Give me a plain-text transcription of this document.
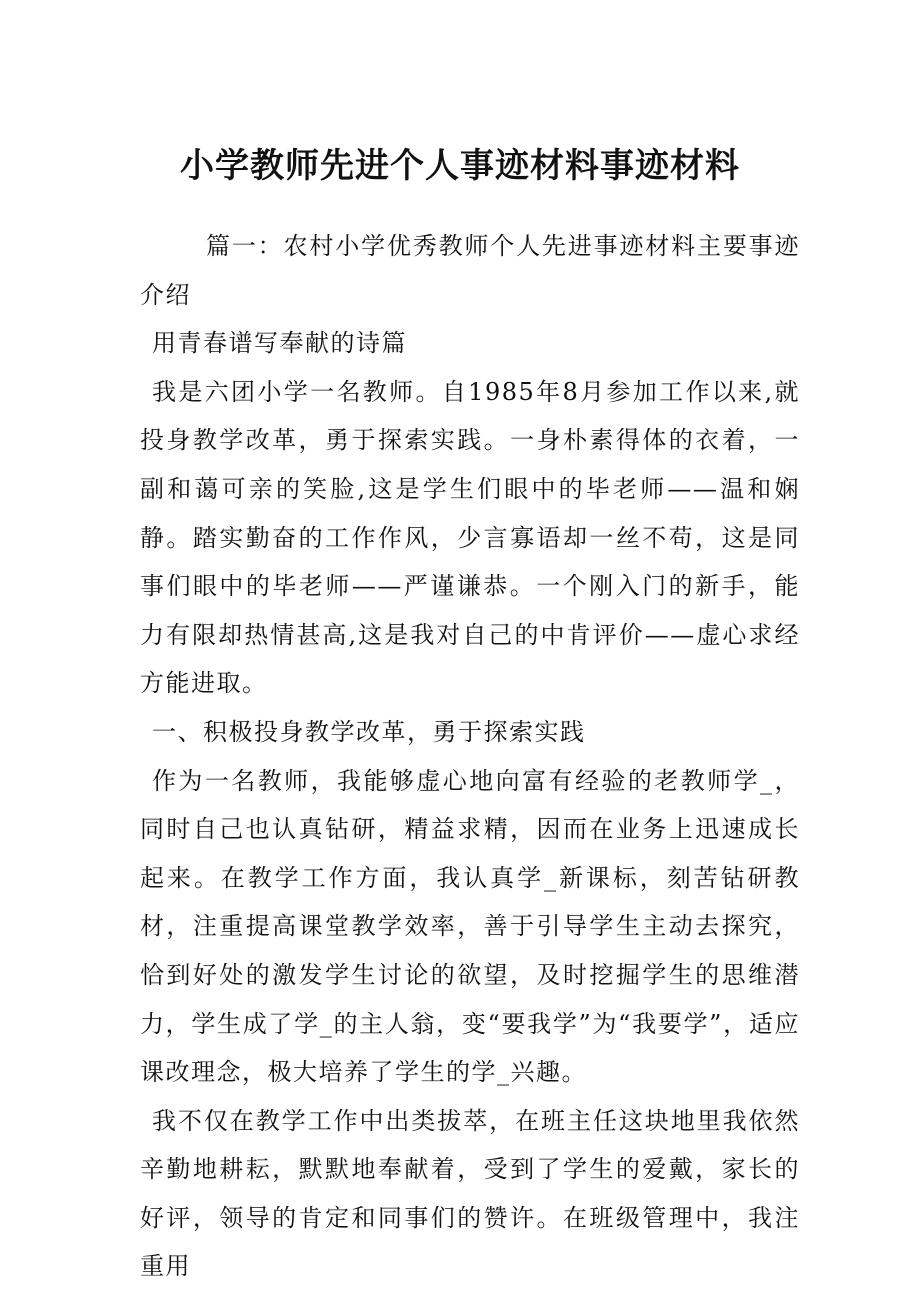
小学教师先进个人事迹材料事迹材料

篇一：农村小学优秀教师个人先进事迹材料主要事迹介绍

用青春谱写奉献的诗篇

我是六团小学一名教师。自1985年8月参加工作以来,就投身教学改革，勇于探索实践。一身朴素得体的衣着，一副和蔼可亲的笑脸,这是学生们眼中的毕老师——温和娴静。踏实勤奋的工作作风，少言寡语却一丝不苟，这是同事们眼中的毕老师——严谨谦恭。一个刚入门的新手，能力有限却热情甚高,这是我对自己的中肯评价——虚心求经方能进取。

一、积极投身教学改革，勇于探索实践

作为一名教师，我能够虚心地向富有经验的老教师学_，同时自己也认真钻研，精益求精，因而在业务上迅速成长起来。在教学工作方面，我认真学_新课标，刻苦钻研教材，注重提高课堂教学效率，善于引导学生主动去探究，恰到好处的激发学生讨论的欲望，及时挖掘学生的思维潜力，学生成了学_的主人翁，变“要我学”为“我要学”，适应课改理念，极大培养了学生的学_兴趣。

我不仅在教学工作中出类拔萃，在班主任这块地里我依然辛勤地耕耘，默默地奉献着，受到了学生的爱戴，家长的好评，领导的肯定和同事们的赞许。在班级管理中，我注重用
